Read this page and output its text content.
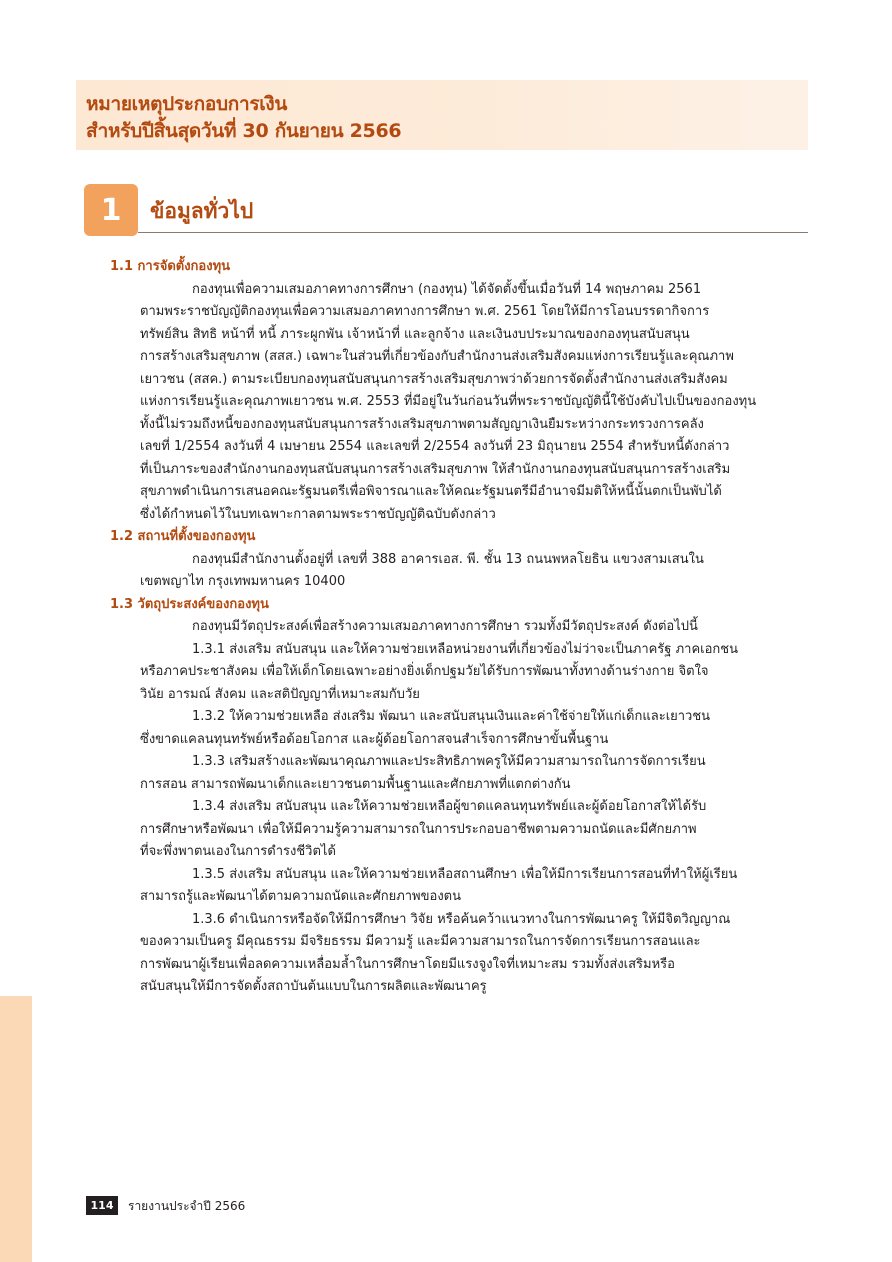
หมายเหตุประกอบการเงิน
สำหรับปีสิ้นสุดวันที่ 30 กันยายน 2566
1	ข้อมูลทั่วไป
1.1 การจัดตั้งกองทุน
กองทุนเพื่อความเสมอภาคทางการศึกษา (กองทุน) ได้จัดตั้งขึ้นเมื่อวันที่ 14 พฤษภาคม 2561
ตามพระราชบัญญัติกองทุนเพื่อความเสมอภาคทางการศึกษา พ.ศ. 2561 โดยให้มีการโอนบรรดากิจการ
ทรัพย์สิน สิทธิ หน้าที่ หนี้ ภาระผูกพัน เจ้าหน้าที่ และลูกจ้าง และเงินงบประมาณของกองทุนสนับสนุน
การสร้างเสริมสุขภาพ (สสส.) เฉพาะในส่วนที่เกี่ยวข้องกับสำนักงานส่งเสริมสังคมแห่งการเรียนรู้และคุณภาพ
เยาวชน (สสค.) ตามระเบียบกองทุนสนับสนุนการสร้างเสริมสุขภาพว่าด้วยการจัดตั้งสำนักงานส่งเสริมสังคม
แห่งการเรียนรู้และคุณภาพเยาวชน พ.ศ. 2553 ที่มีอยู่ในวันก่อนวันที่พระราชบัญญัตินี้ใช้บังคับไปเป็นของกองทุน
ทั้งนี้ไม่รวมถึงหนี้ของกองทุนสนับสนุนการสร้างเสริมสุขภาพตามสัญญาเงินยืมระหว่างกระทรวงการคลัง
เลขที่ 1/2554 ลงวันที่ 4 เมษายน 2554 และเลขที่ 2/2554 ลงวันที่ 23 มิถุนายน 2554 สำหรับหนี้ดังกล่าว
ที่เป็นภาระของสำนักงานกองทุนสนับสนุนการสร้างเสริมสุขภาพ ให้สำนักงานกองทุนสนับสนุนการสร้างเสริม
สุขภาพดำเนินการเสนอคณะรัฐมนตรีเพื่อพิจารณาและให้คณะรัฐมนตรีมีอำนาจมีมติให้หนี้นั้นตกเป็นพับได้
ซึ่งได้กำหนดไว้ในบทเฉพาะกาลตามพระราชบัญญัติฉบับดังกล่าว
1.2 สถานที่ตั้งของกองทุน
กองทุนมีสำนักงานตั้งอยู่ที่ เลขที่ 388 อาคารเอส. พี. ชั้น 13 ถนนพหลโยธิน แขวงสามเสนใน
เขตพญาไท กรุงเทพมหานคร 10400
1.3 วัตถุประสงค์ของกองทุน
กองทุนมีวัตถุประสงค์เพื่อสร้างความเสมอภาคทางการศึกษา รวมทั้งมีวัตถุประสงค์ ดังต่อไปนี้
1.3.1 ส่งเสริม สนับสนุน และให้ความช่วยเหลือหน่วยงานที่เกี่ยวข้องไม่ว่าจะเป็นภาครัฐ ภาคเอกชน
หรือภาคประชาสังคม เพื่อให้เด็กโดยเฉพาะอย่างยิ่งเด็กปฐมวัยได้รับการพัฒนาทั้งทางด้านร่างกาย จิตใจ
วินัย อารมณ์ สังคม และสติปัญญาที่เหมาะสมกับวัย
1.3.2 ให้ความช่วยเหลือ ส่งเสริม พัฒนา และสนับสนุนเงินและค่าใช้จ่ายให้แก่เด็กและเยาวชน
ซึ่งขาดแคลนทุนทรัพย์หรือด้อยโอกาส และผู้ด้อยโอกาสจนสำเร็จการศึกษาขั้นพื้นฐาน
1.3.3 เสริมสร้างและพัฒนาคุณภาพและประสิทธิภาพครูให้มีความสามารถในการจัดการเรียน
การสอน สามารถพัฒนาเด็กและเยาวชนตามพื้นฐานและศักยภาพที่แตกต่างกัน
1.3.4 ส่งเสริม สนับสนุน และให้ความช่วยเหลือผู้ขาดแคลนทุนทรัพย์และผู้ด้อยโอกาสให้ได้รับ
การศึกษาหรือพัฒนา เพื่อให้มีความรู้ความสามารถในการประกอบอาชีพตามความถนัดและมีศักยภาพ
ที่จะพึ่งพาตนเองในการดำรงชีวิตได้
1.3.5 ส่งเสริม สนับสนุน และให้ความช่วยเหลือสถานศึกษา เพื่อให้มีการเรียนการสอนที่ทำให้ผู้เรียน
สามารถรู้และพัฒนาได้ตามความถนัดและศักยภาพของตน
1.3.6 ดำเนินการหรือจัดให้มีการศึกษา วิจัย หรือค้นคว้าแนวทางในการพัฒนาครู ให้มีจิตวิญญาณ
ของความเป็นครู มีคุณธรรม มีจริยธรรม มีความรู้ และมีความสามารถในการจัดการเรียนการสอนและ
การพัฒนาผู้เรียนเพื่อลดความเหลื่อมล้ำในการศึกษาโดยมีแรงจูงใจที่เหมาะสม รวมทั้งส่งเสริมหรือ
สนับสนุนให้มีการจัดตั้งสถาบันต้นแบบในการผลิตและพัฒนาครู
114	รายงานประจำปี 2566
